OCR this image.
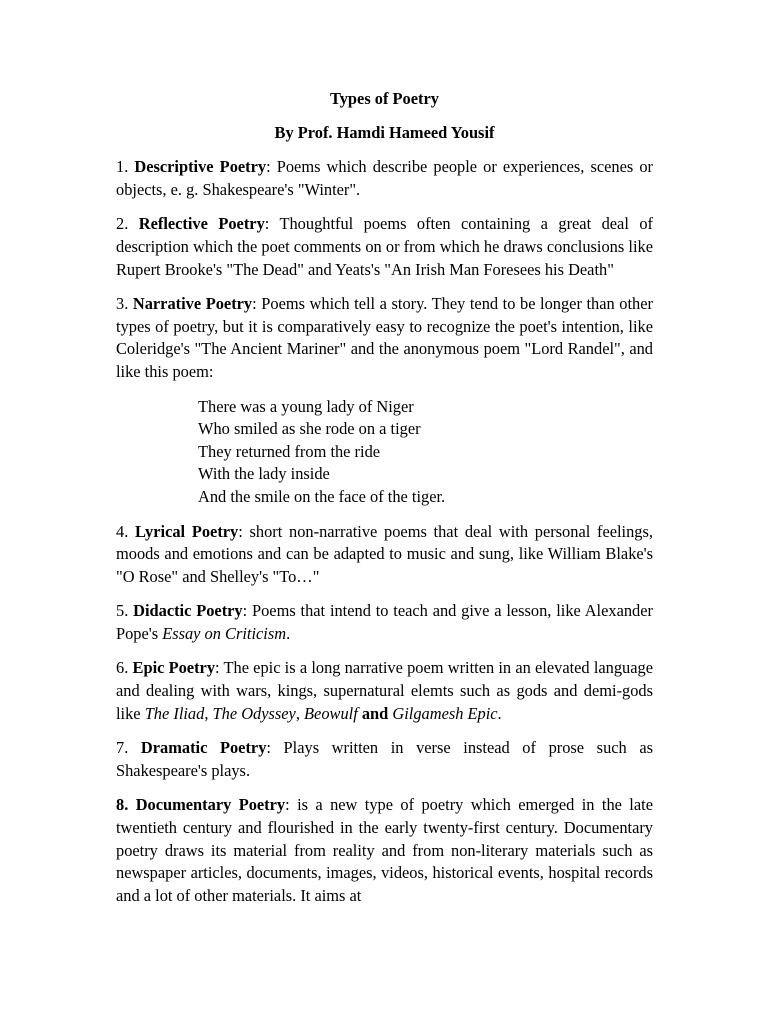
Types of Poetry

By Prof. Hamdi Hameed Yousif

1. Descriptive Poetry: Poems which describe people or experiences, scenes or objects, e. g. Shakespeare's "Winter".

2. Reflective Poetry: Thoughtful poems often containing a great deal of description which the poet comments on or from which he draws conclusions like Rupert Brooke's "The Dead" and Yeats's "An Irish Man Foresees his Death"

3. Narrative Poetry: Poems which tell a story. They tend to be longer than other types of poetry, but it is comparatively easy to recognize the poet's intention, like Coleridge's "The Ancient Mariner" and the anonymous poem "Lord Randel", and like this poem:

There was a young lady of Niger
Who smiled as she rode on a tiger
They returned from the ride
With the lady inside
And the smile on the face of the tiger.

4. Lyrical Poetry: short non-narrative poems that deal with personal feelings, moods and emotions and can be adapted to music and sung, like William Blake's "O Rose" and Shelley's "To…"

5. Didactic Poetry: Poems that intend to teach and give a lesson, like Alexander Pope's Essay on Criticism.

6. Epic Poetry: The epic is a long narrative poem written in an elevated language and dealing with wars, kings, supernatural elemts such as gods and demi-gods like The Iliad, The Odyssey, Beowulf and Gilgamesh Epic.

7. Dramatic Poetry: Plays written in verse instead of prose such as Shakespeare's plays.

8. Documentary Poetry: is a new type of poetry which emerged in the late twentieth century and flourished in the early twenty-first century. Documentary poetry draws its material from reality and from non-literary materials such as newspaper articles, documents, images, videos, historical events, hospital records and a lot of other materials. It aims at
